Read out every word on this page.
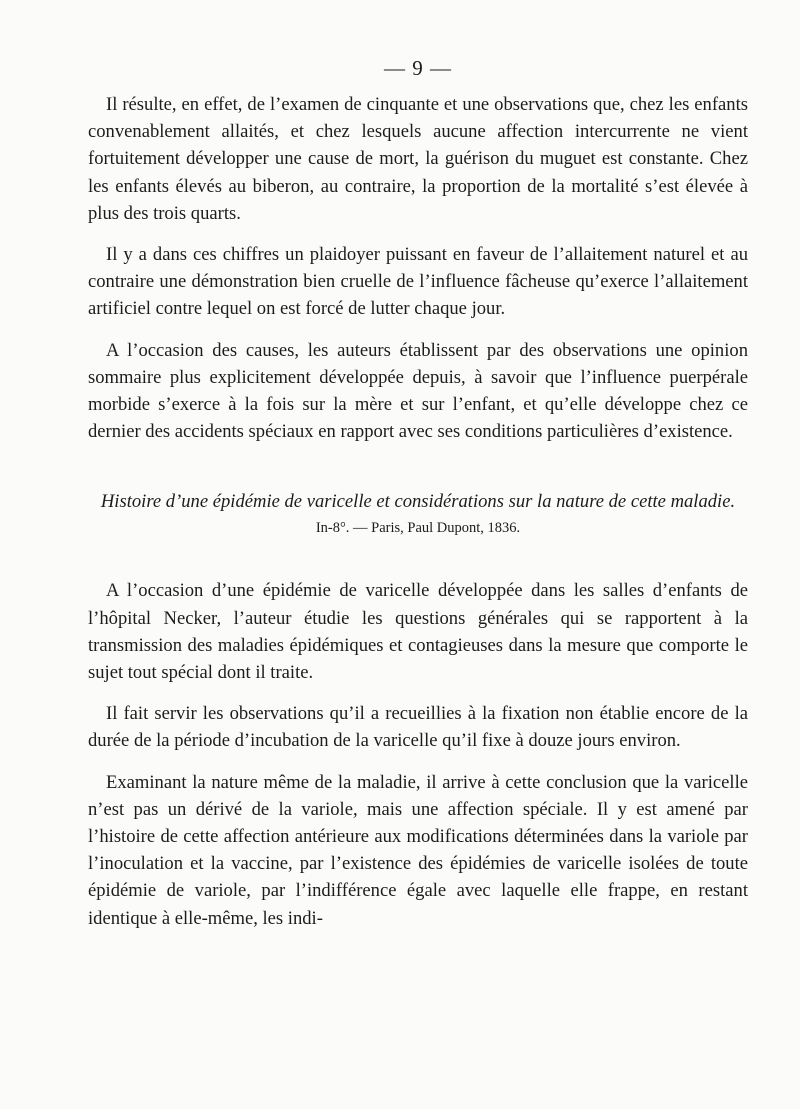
— 9 —

Il résulte, en effet, de l’examen de cinquante et une observations que, chez les enfants convenablement allaités, et chez lesquels aucune affection intercurrente ne vient fortuitement développer une cause de mort, la guérison du muguet est constante. Chez les enfants élevés au biberon, au contraire, la proportion de la mortalité s’est élevée à plus des trois quarts.

Il y a dans ces chiffres un plaidoyer puissant en faveur de l’allaitement naturel et au contraire une démonstration bien cruelle de l’influence fâcheuse qu’exerce l’allaitement artificiel contre lequel on est forcé de lutter chaque jour.

A l’occasion des causes, les auteurs établissent par des observations une opinion sommaire plus explicitement développée depuis, à savoir que l’influence puerpérale morbide s’exerce à la fois sur la mère et sur l’enfant, et qu’elle développe chez ce dernier des accidents spéciaux en rapport avec ses conditions particulières d’existence.

Histoire d’une épidémie de varicelle et considérations sur la nature de cette maladie.
In-8°. — Paris, Paul Dupont, 1836.

A l’occasion d’une épidémie de varicelle développée dans les salles d’enfants de l’hôpital Necker, l’auteur étudie les questions générales qui se rapportent à la transmission des maladies épidémiques et contagieuses dans la mesure que comporte le sujet tout spécial dont il traite.

Il fait servir les observations qu’il a recueillies à la fixation non établie encore de la durée de la période d’incubation de la varicelle qu’il fixe à douze jours environ.

Examinant la nature même de la maladie, il arrive à cette conclusion que la varicelle n’est pas un dérivé de la variole, mais une affection spéciale. Il y est amené par l’histoire de cette affection antérieure aux modifications déterminées dans la variole par l’inoculation et la vaccine, par l’existence des épidémies de varicelle isolées de toute épidémie de variole, par l’indifférence égale avec laquelle elle frappe, en restant identique à elle-même, les indi-
